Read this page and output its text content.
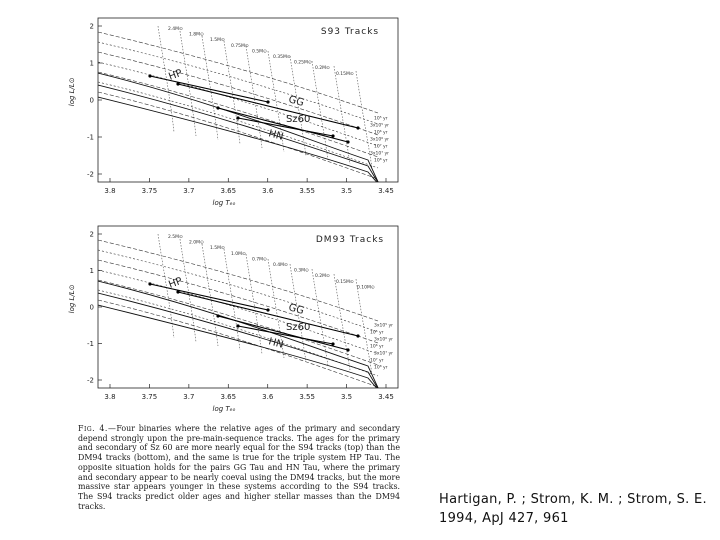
2
1
0
-1
-2
3.8	3.75	3.7	3.65	3.6	3.55	3.5	3.45
log Tₑₒ
log L/L⊙
S93 Tracks
2.4M⊙
1.8M⊙
1.5M⊙
0.75M⊙
0.5M⊙
0.35M⊙
0.25M⊙
0.2M⊙
0.15M⊙
10⁵ yr
3x10⁵ yr
10⁶ yr
3x10⁶ yr
10⁷ yr
3x10⁷ yr
10⁸ yr
HP
GG
Sz60
HN
2
1
0
-1
-2
3.8	3.75	3.7	3.65	3.6	3.55	3.5	3.45
log Tₑₒ
log L/L⊙
DM93 Tracks
2.5M⊙
2.0M⊙
1.5M⊙
1.0M⊙
0.7M⊙
0.4M⊙
0.3M⊙
0.2M⊙
0.15M⊙
0.10M⊙
3x10⁵ yr
10⁵ yr
3x10⁶ yr
10⁶ yr
3x10⁷ yr
10⁷ yr
10⁸ yr
HP
GG
Sz60
HN

Fig. 4.—Four binaries where the relative ages of the primary and secondary depend strongly upon the pre-main-sequence tracks. The ages for the primary and secondary of Sz 60 are more nearly equal for the S94 tracks (top) than the DM94 tracks (bottom), and the same is true for the triple system HP Tau. The opposite situation holds for the pairs GG Tau and HN Tau, where the primary and secondary appear to be nearly coeval using the DM94 tracks, but the more massive star appears younger in these systems according to the S94 tracks. The S94 tracks predict older ages and higher stellar masses than the DM94 tracks.	Hartigan, P. ; Strom, K. M. ; Strom, S. E.
1994, ApJ 427, 961
